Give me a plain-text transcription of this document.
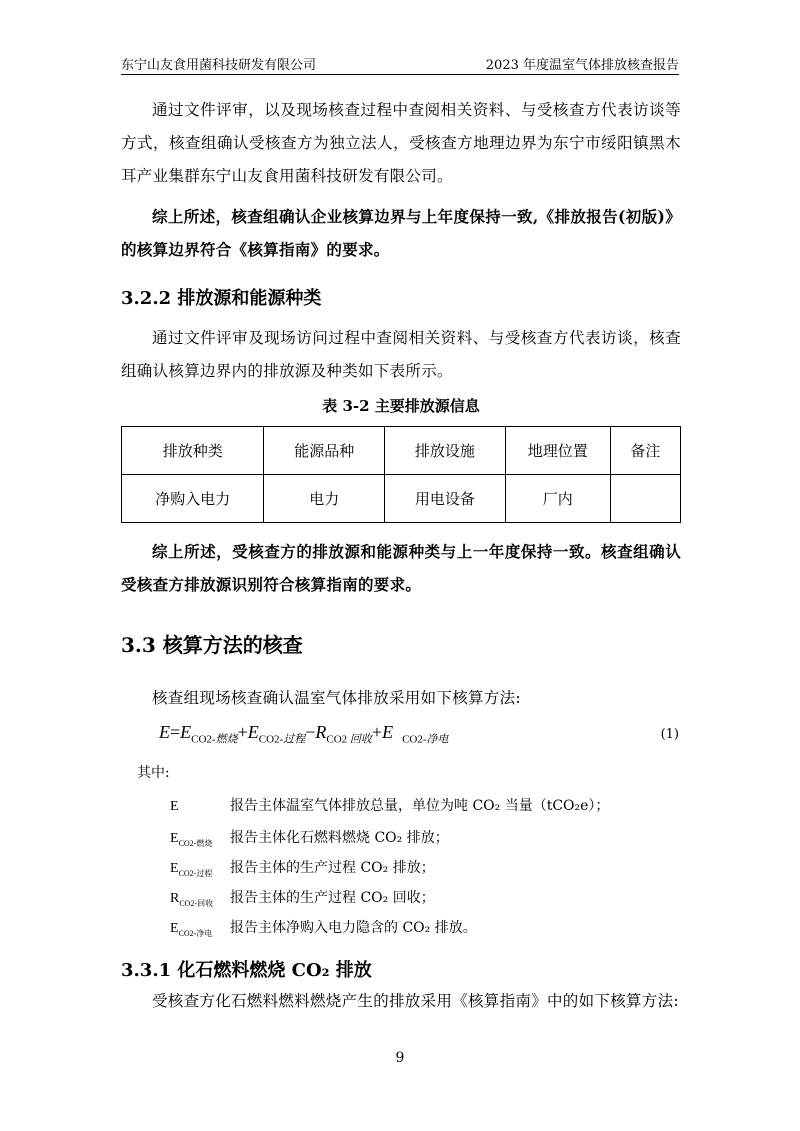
东宁山友食用菌科技研发有限公司	2023 年度温室气体排放核查报告
通过文件评审，以及现场核查过程中查阅相关资料、与受核查方代表访谈等方式，核查组确认受核查方为独立法人，受核查方地理边界为东宁市绥阳镇黑木耳产业集群东宁山友食用菌科技研发有限公司。
综上所述，核查组确认企业核算边界与上年度保持一致,《排放报告(初版)》的核算边界符合《核算指南》的要求。
3.2.2 排放源和能源种类
通过文件评审及现场访问过程中查阅相关资料、与受核查方代表访谈，核查组确认核算边界内的排放源及种类如下表所示。
表 3-2 主要排放源信息
排放种类	能源品种	排放设施	地理位置	备注
净购入电力	电力	用电设备	厂内	
综上所述，受核查方的排放源和能源种类与上一年度保持一致。核查组确认受核查方排放源识别符合核算指南的要求。
3.3 核算方法的核查
核查组现场核查确认温室气体排放采用如下核算方法:
$E=E_{CO2-燃烧}+E_{CO2-过程}-R_{CO2 回收}+E$ $_{CO2-净电}$	(1)
其中:
E	报告主体温室气体排放总量，单位为吨 CO₂ 当量（tCO₂e）；
$E_{CO2-燃烧}$ 报告主体化石燃料燃烧 CO₂ 排放；
$E_{CO2-过程}$ 报告主体的生产过程 CO₂ 排放；
$R_{CO2-回收}$ 报告主体的生产过程 CO₂ 回收；
$E_{CO2-净电}$ 报告主体净购入电力隐含的 CO₂ 排放。
3.3.1 化石燃料燃烧 CO₂ 排放
受核查方化石燃料燃料燃烧产生的排放采用《核算指南》中的如下核算方法:
9
